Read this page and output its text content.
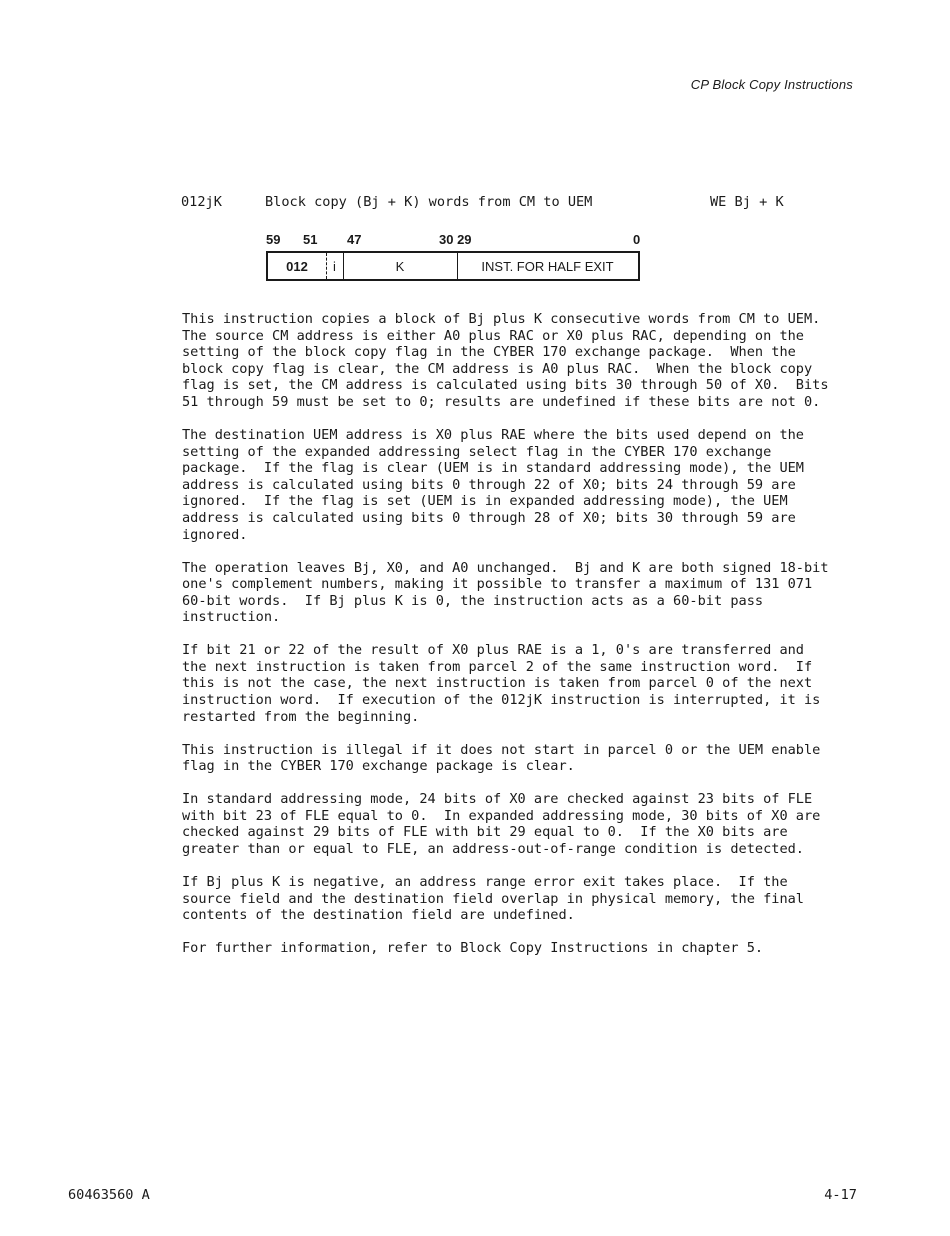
CP Block Copy Instructions
012jK	Block copy (Bj + K) words from CM to UEM	WE Bj + K
59 51 47	30 29	0
012	i	K	INST. FOR HALF EXIT

This instruction copies a block of Bj plus K consecutive words from CM to UEM.
The source CM address is either A0 plus RAC or X0 plus RAC, depending on the
setting of the block copy flag in the CYBER 170 exchange package.  When the
block copy flag is clear, the CM address is A0 plus RAC.  When the block copy
flag is set, the CM address is calculated using bits 30 through 50 of X0.  Bits
51 through 59 must be set to 0; results are undefined if these bits are not 0.

The destination UEM address is X0 plus RAE where the bits used depend on the
setting of the expanded addressing select flag in the CYBER 170 exchange
package.  If the flag is clear (UEM is in standard addressing mode), the UEM
address is calculated using bits 0 through 22 of X0; bits 24 through 59 are
ignored.  If the flag is set (UEM is in expanded addressing mode), the UEM
address is calculated using bits 0 through 28 of X0; bits 30 through 59 are
ignored.

The operation leaves Bj, X0, and A0 unchanged.  Bj and K are both signed 18-bit
one's complement numbers, making it possible to transfer a maximum of 131 071
60-bit words.  If Bj plus K is 0, the instruction acts as a 60-bit pass
instruction.

If bit 21 or 22 of the result of X0 plus RAE is a 1, 0's are transferred and
the next instruction is taken from parcel 2 of the same instruction word.  If
this is not the case, the next instruction is taken from parcel 0 of the next
instruction word.  If execution of the 012jK instruction is interrupted, it is
restarted from the beginning.

This instruction is illegal if it does not start in parcel 0 or the UEM enable
flag in the CYBER 170 exchange package is clear.

In standard addressing mode, 24 bits of X0 are checked against 23 bits of FLE
with bit 23 of FLE equal to 0.  In expanded addressing mode, 30 bits of X0 are
checked against 29 bits of FLE with bit 29 equal to 0.  If the X0 bits are
greater than or equal to FLE, an address-out-of-range condition is detected.

If Bj plus K is negative, an address range error exit takes place.  If the
source field and the destination field overlap in physical memory, the final
contents of the destination field are undefined.

For further information, refer to Block Copy Instructions in chapter 5.

60463560 A	4-17
